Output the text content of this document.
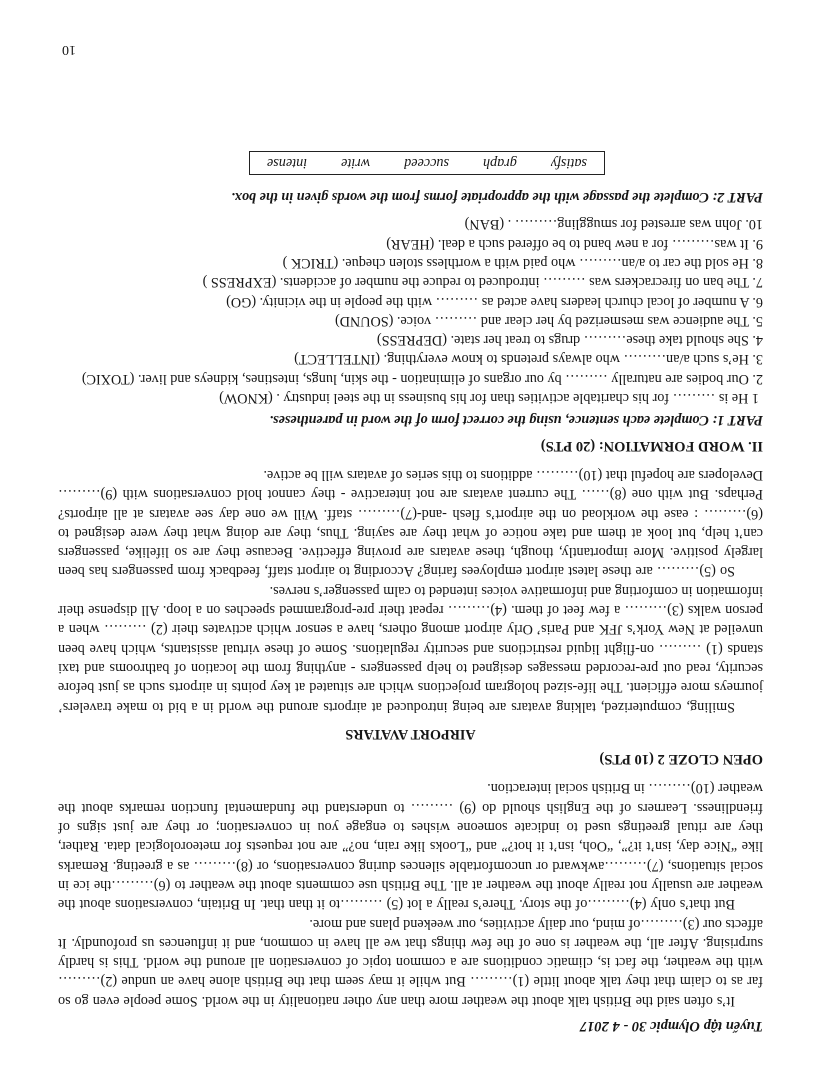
Tuyển tập Olympic 30 - 4 2017

It’s often said the British talk about the weather more than any other nationality in the world. Some people even go so far as to claim that they talk about little (1)……… But while it may seem that the British alone have an undue (2)………with the weather, the fact is, climatic conditions are a common topic of conversation all around the world. This is hardly surprising. After all, the weather is one of the few things that we all have in common, and it influences us profoundly. It affects our (3)………of mind, our daily activities, our weekend plans and more.

But that’s only (4)………of the story. There’s really a lot (5) ………to it than that. In Britain, conversations about the weather are usually not really about the weather at all. The British use comments about the weather to (6)………the ice in social situations, (7)………awkward or uncomfortable silences during conversations, or (8)……… as a greeting. Remarks like “Nice day, isn’t it?”, “Ooh, isn’t it hot?” and “Looks like rain, no?” are not requests for meteorological data. Rather, they are ritual greetings used to indicate someone wishes to engage you in conversation; or they are just signs of friendliness. Learners of the English should do (9) ……… to understand the fundamental function remarks about the weather (10)……… in British social interaction.

OPEN CLOZE 2 (10 PTS)
AIRPORT AVATARS

Smiling, computerized, talking avatars are being introduced at airports around the world in a bid to make travelers’ journeys more efficient. The life-sized hologram projections which are situated at key points in airports such as just before security, read out pre-recorded messages designed to help passengers - anything from the location of bathrooms and taxi stands (1) ……… on-flight liquid restrictions and security regulations. Some of these virtual assistants, which have been unveiled at New York’s JFK and Paris’ Orly airport among others, have a sensor which activates their (2) ……… when a person walks (3)……… a few feet of them. (4)……… repeat their pre-programmed speeches on a loop. All dispense their information in comforting and informative voices intended to calm passenger’s nerves.

So (5)……… are these latest airport employees faring? According to airport staff, feedback from passengers has been largely positive. More importantly, though, these avatars are proving effective. Because they are so lifelike, passengers can’t help, but look at them and take notice of what they are saying. Thus, they are doing what they were designed to (6)……… : ease the workload on the airport’s flesh -and-(7)……… staff. Will we one day see avatars at all airports? Perhaps. But with one (8)…… The current avatars are not interactive - they cannot hold conversations with (9)……… Developers are hopeful that (10)……… additions to this series of avatars will be active.

II. WORD FORMATION: (20 PTS)
PART 1: Complete each sentence, using the correct form of the word in parentheses.

1 He is ……… for his charitable activities than for his business in the steel industry . (KNOW)

2. Our bodies are naturally ……… by our organs of elimination - the skin, lungs, intestines, kidneys and liver. (TOXIC)

3. He’s such a/an……… who always pretends to know everything. (INTELLECT)

4. She should take these……… drugs to treat her state. (DEPRESS)

5. The audience was mesmerized by her clear and ……… voice. (SOUND)

6. A number of local church leaders have acted as ……… with the people in the vicinity. (GO)

7. The ban on firecrackers was ……… introduced to reduce the number of accidents. (EXPRESS )

8. He sold the car to a/an……… who paid with a worthless stolen cheque. (TRICK )

9. It was……… for a new band to be offered such a deal. (HEAR)

10. John was arrested for smuggling……… . (BAN)

PART 2: Complete the passage with the appropriate forms from the words given in the box.
satisfy
graph
succeed
write
intense
10
